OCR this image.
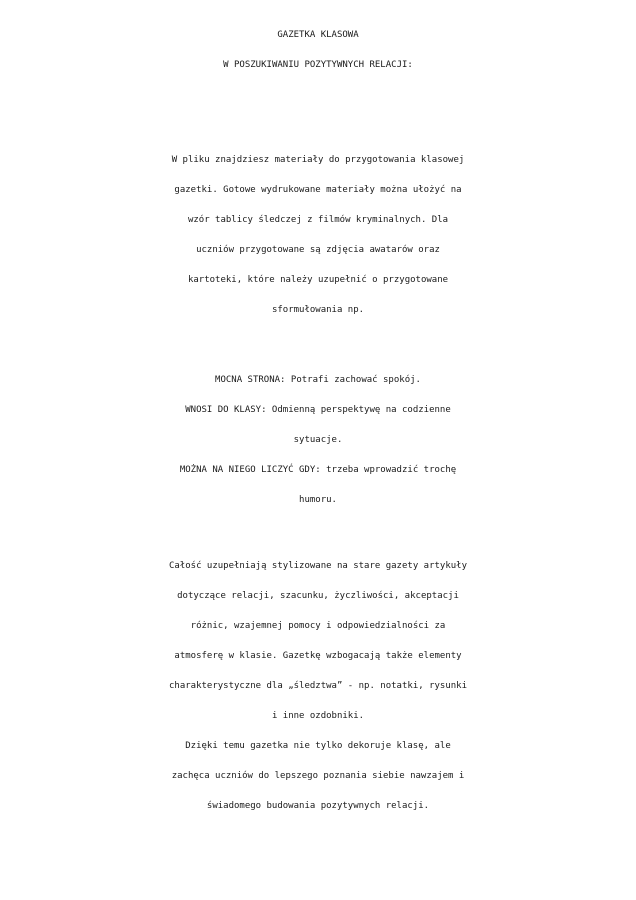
GAZETKA KLASOWA
W POSZUKIWANIU POZYTYWNYCH RELACJI:
W pliku znajdziesz materiały do przygotowania klasowej
gazetki. Gotowe wydrukowane materiały można ułożyć na
wzór tablicy śledczej z filmów kryminalnych. Dla
uczniów przygotowane są zdjęcia awatarów oraz
kartoteki, które należy uzupełnić o przygotowane
sformułowania np.
MOCNA STRONA: Potrafi zachować spokój.
WNOSI DO KLASY: Odmienną perspektywę na codzienne
sytuacje.
MOŻNA NA NIEGO LICZYĆ GDY: trzeba wprowadzić trochę
humoru.
Całość uzupełniają stylizowane na stare gazety artykuły
dotyczące relacji, szacunku, życzliwości, akceptacji
różnic, wzajemnej pomocy i odpowiedzialności za
atmosferę w klasie. Gazetkę wzbogacają także elementy
charakterystyczne dla „śledztwa” - np. notatki, rysunki
i inne ozdobniki.
Dzięki temu gazetka nie tylko dekoruje klasę, ale
zachęca uczniów do lepszego poznania siebie nawzajem i
świadomego budowania pozytywnych relacji.
